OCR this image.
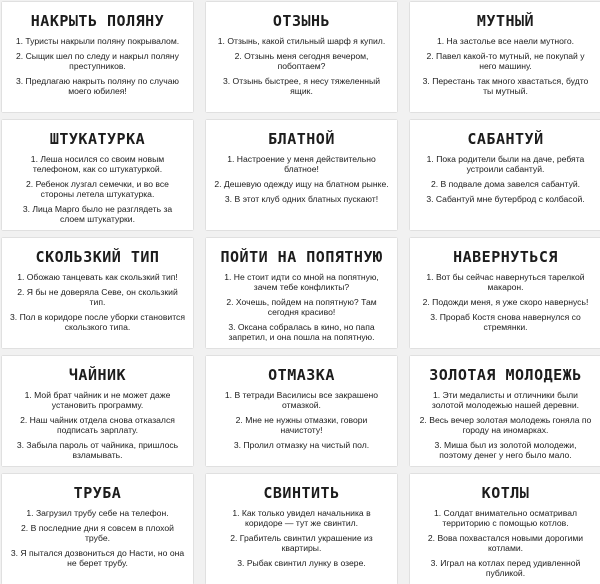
НАКРЫТЬ ПОЛЯНУ
1. Туристы накрыли поляну покрывалом.
2. Сыщик шел по следу и накрыл поляну преступников.
3. Предлагаю накрыть поляну по случаю моего юбилея!
ОТЗЫНЬ
1. Отзынь, какой стильный шарф я купил.
2. Отзынь меня сегодня вечером, побоптаем?
3. Отзынь быстрее, я несу тяжеленный ящик.
МУТНЫЙ
1. На застолье все наели мутного.
2. Павел какой-то мутный, не покупай у него машину.
3. Перестань так много хвастаться, будто ты мутный.
ШТУКАТУРКА
1. Леша носился со своим новым телефоном, как со штукатуркой.
2. Ребенок лузгал семечки, и во все стороны летела штукатурка.
3. Лица Марго было не разглядеть за слоем штукатурки.
БЛАТНОЙ
1. Настроение у меня действительно блатное!
2. Дешевую одежду ищу на блатном рынке.
3. В этот клуб одних блатных пускают!
САБАНТУЙ
1. Пока родители были на даче, ребята устроили сабантуй.
2. В подвале дома завелся сабантуй.
3. Сабантуй мне бутерброд с колбасой.
СКОЛЬЗКИЙ ТИП
1. Обожаю танцевать как скользкий тип!
2. Я бы не доверяла Севе, он скользкий тип.
3. Пол в коридоре после уборки становится скользкого типа.
ПОЙТИ НА ПОПЯТНУЮ
1. Не стоит идти со мной на попятную, зачем тебе конфликты?
2. Хочешь, пойдем на попятную? Там сегодня красиво!
3. Оксана собралась в кино, но папа запретил, и она пошла на попятную.
НАВЕРНУТЬСЯ
1. Вот бы сейчас навернуться тарелкой макарон.
2. Подожди меня, я уже скоро навернусь!
3. Прораб Костя снова навернулся со стремянки.
ЧАЙНИК
1. Мой брат чайник и не может даже установить программу.
2. Наш чайник отдела снова отказался подписать зарплату.
3. Забыла пароль от чайника, пришлось взламывать.
ОТМАЗКА
1. В тетради Василисы все закрашено отмазкой.
2. Мне не нужны отмазки, говори начистоту!
3. Пролил отмазку на чистый пол.
ЗОЛОТАЯ МОЛОДЕЖЬ
1. Эти медалисты и отличники были золотой молодежью нашей деревни.
2. Весь вечер золотая молодежь гоняла по городу на иномарках.
3. Миша был из золотой молодежи, поэтому денег у него было мало.
ТРУБА
1. Загрузил трубу себе на телефон.
2. В последние дни я совсем в плохой трубе.
3. Я пытался дозвониться до Насти, но она не берет трубу.
СВИНТИТЬ
1. Как только увидел начальника в коридоре — тут же свинтил.
2. Грабитель свинтил украшение из квартиры.
3. Рыбак свинтил лунку в озере.
КОТЛЫ
1. Солдат внимательно осматривал территорию с помощью котлов.
2. Вова похвастался новыми дорогими котлами.
3. Играл на котлах перед удивленной публикой.
